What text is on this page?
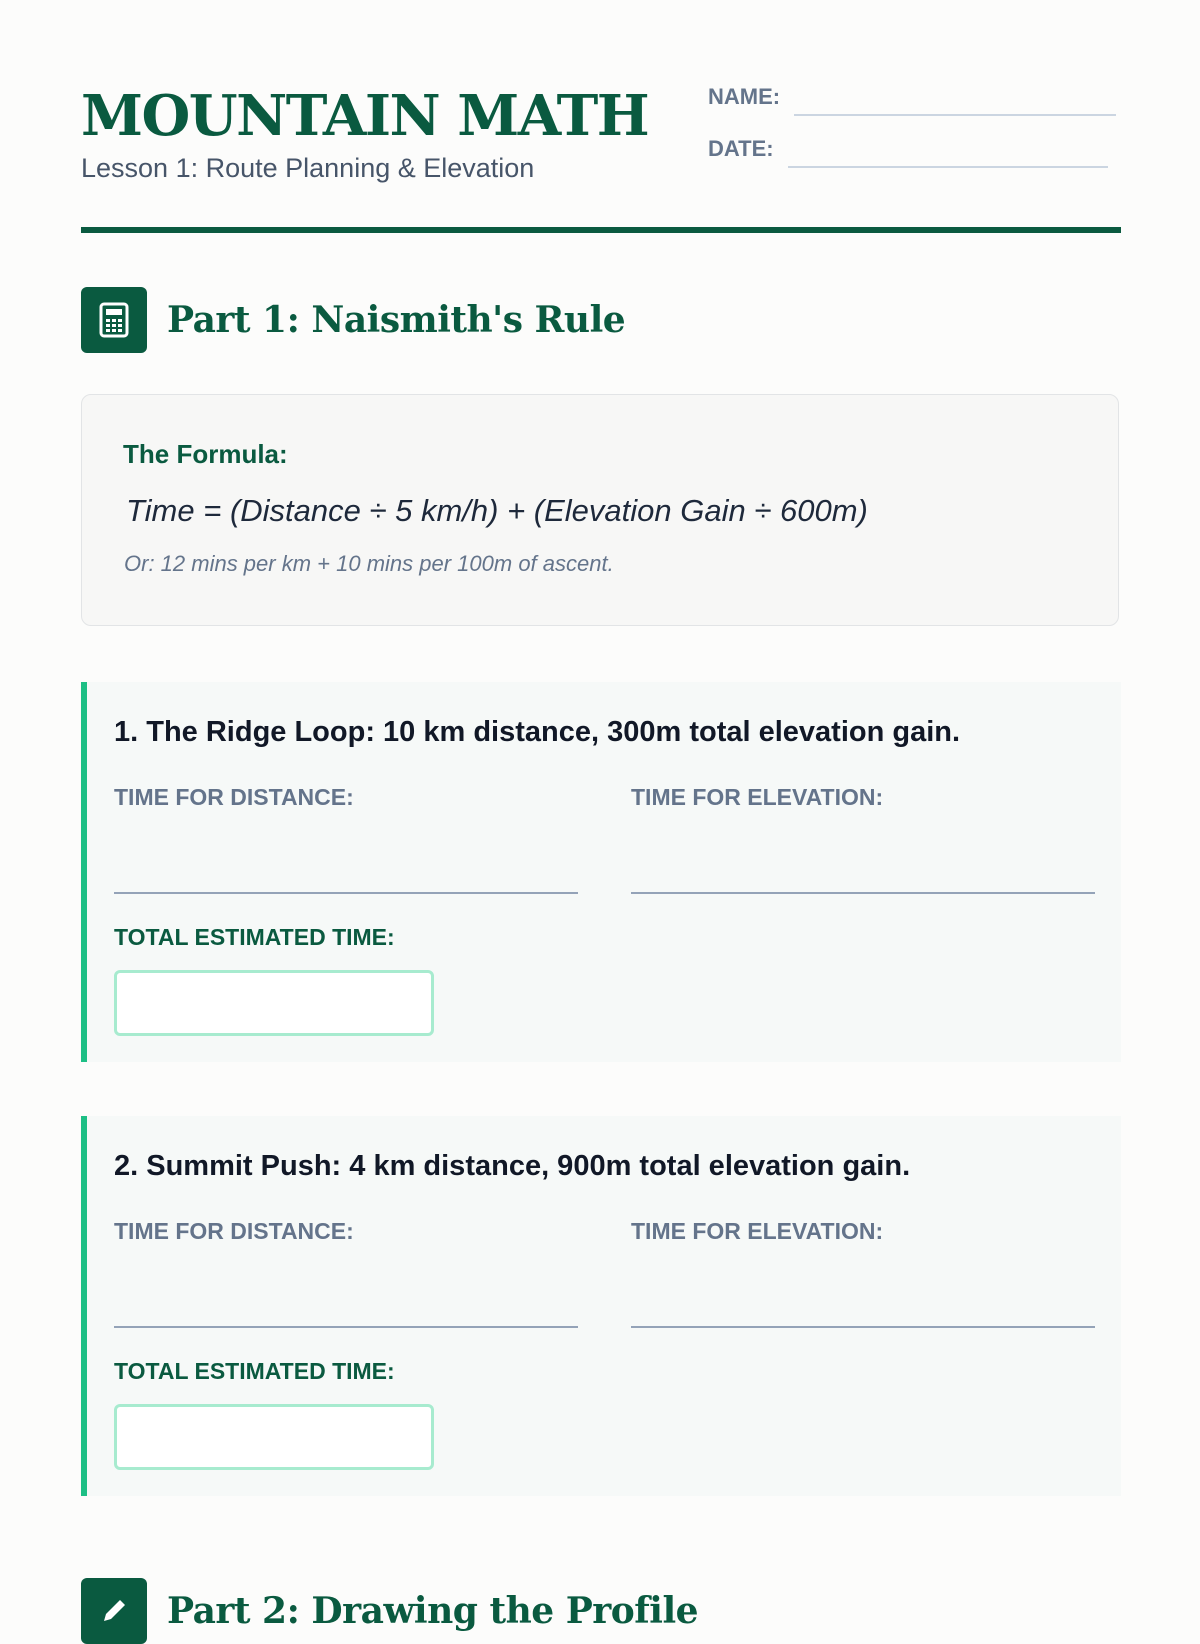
MOUNTAIN MATH
Lesson 1: Route Planning & Elevation
NAME:
DATE:
Part 1: Naismith's Rule
The Formula:
Time = (Distance ÷ 5 km/h) + (Elevation Gain ÷ 600m)
Or: 12 mins per km + 10 mins per 100m of ascent.
1. The Ridge Loop: 10 km distance, 300m total elevation gain.
TIME FOR DISTANCE:	TIME FOR ELEVATION:
TOTAL ESTIMATED TIME:
2. Summit Push: 4 km distance, 900m total elevation gain.
TIME FOR DISTANCE:	TIME FOR ELEVATION:
TOTAL ESTIMATED TIME:
Part 2: Drawing the Profile
